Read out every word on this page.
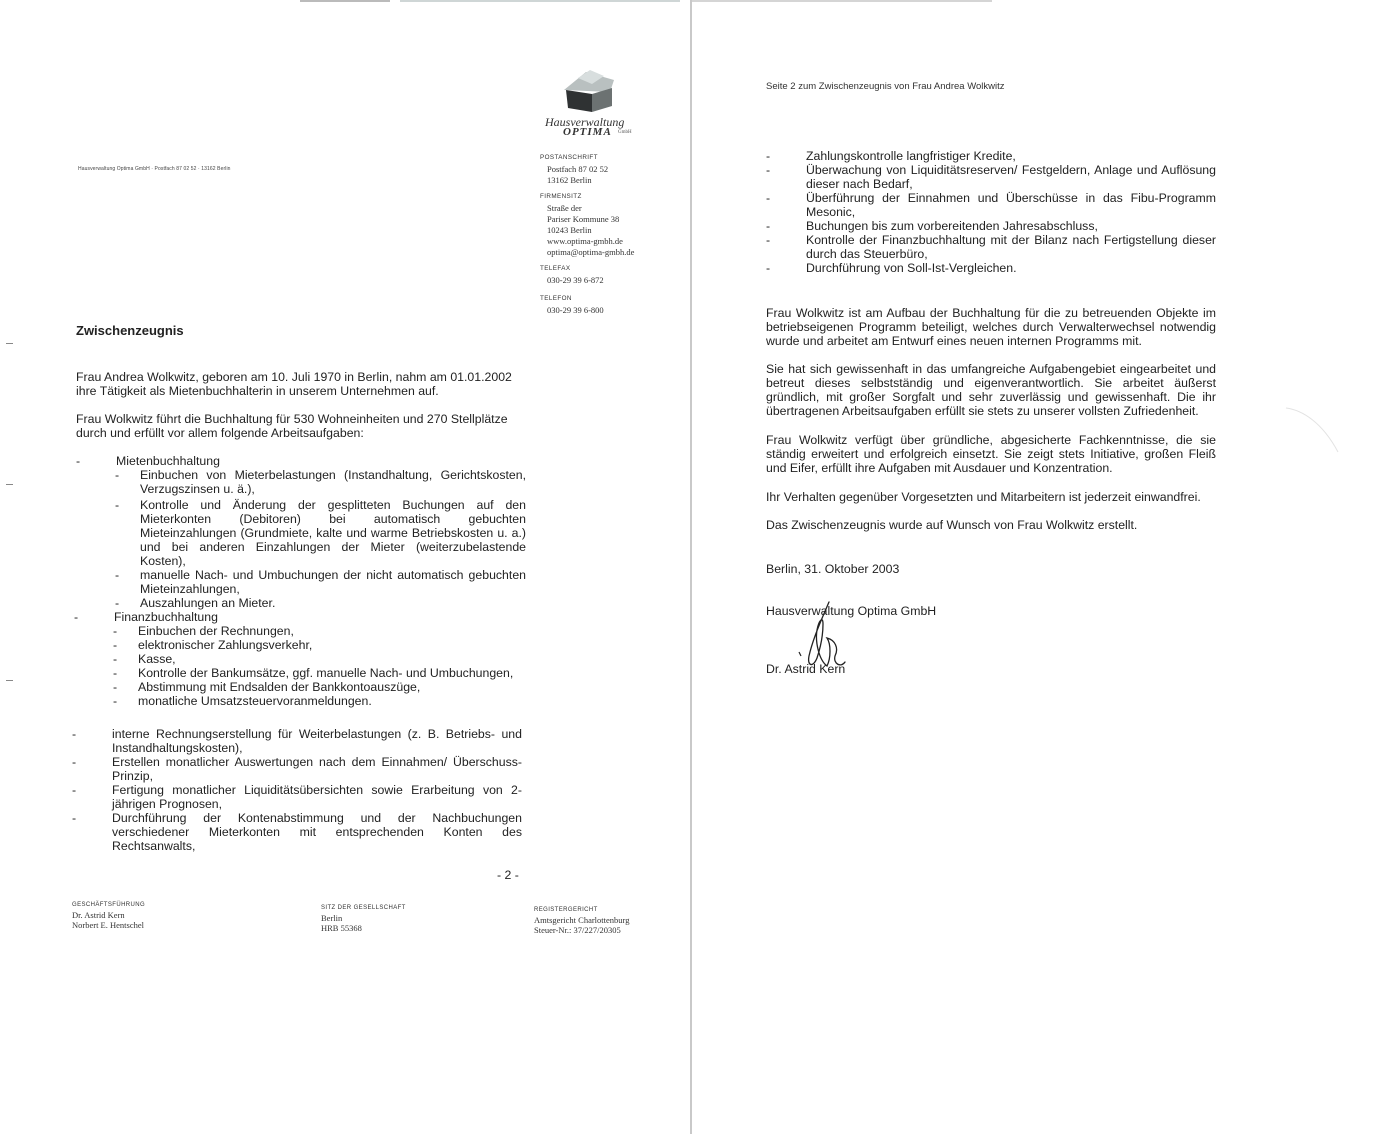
Hausverwaltung
OPTIMA GmbH
Hausverwaltung Optima GmbH · Postfach 87 02 52 · 13162 Berlin
POSTANSCHRIFT
Postfach 87 02 52
13162 Berlin
FIRMENSITZ
Straße der
Pariser Kommune 38
10243 Berlin
www.optima-gmbh.de
optima@optima-gmbh.de
TELEFAX
030-29 39 6-872
TELEFON
030-29 39 6-800
Zwischenzeugnis
Frau Andrea Wolkwitz, geboren am 10. Juli 1970 in Berlin, nahm am 01.01.2002 ihre Tätigkeit als Mietenbuchhalterin in unserem Unternehmen auf.
Frau Wolkwitz führt die Buchhaltung für 530 Wohneinheiten und 270 Stellplätze durch und erfüllt vor allem folgende Arbeitsaufgaben:
-	Mietenbuchhaltung
- Einbuchen von Mieterbelastungen (Instandhaltung, Gerichtskosten, Verzugszinsen u. ä.),
- Kontrolle und Änderung der gesplitteten Buchungen auf den Mieterkonten (Debitoren) bei automatisch gebuchten Mieteinzahlungen (Grundmiete, kalte und warme Betriebskosten u. a.) und bei anderen Einzahlungen der Mieter (weiterzubelastende Kosten),
- manuelle Nach- und Umbuchungen der nicht automatisch gebuchten Mieteinzahlungen,
- Auszahlungen an Mieter.
-	Finanzbuchhaltung
- Einbuchen der Rechnungen,
- elektronischer Zahlungsverkehr,
- Kasse,
- Kontrolle der Bankumsätze, ggf. manuelle Nach- und Umbuchungen,
- Abstimmung mit Endsalden der Bankkontoauszüge,
- monatliche Umsatzsteuervoranmeldungen.
-	interne Rechnungserstellung für Weiterbelastungen (z. B. Betriebs- und Instandhaltungskosten),
-	Erstellen monatlicher Auswertungen nach dem Einnahmen/ Überschuss-Prinzip,
-	Fertigung monatlicher Liquiditätsübersichten sowie Erarbeitung von 2-jährigen Prognosen,
-	Durchführung der Kontenabstimmung und der Nachbuchungen verschiedener Mieterkonten mit entsprechenden Konten des Rechtsanwalts,
- 2 -
GESCHÄFTSFÜHRUNG
Dr. Astrid Kern
Norbert E. Hentschel
SITZ DER GESELLSCHAFT
Berlin
HRB 55368
REGISTERGERICHT
Amtsgericht Charlottenburg
Steuer-Nr.: 37/227/20305
Seite 2 zum Zwischenzeugnis von Frau Andrea Wolkwitz
-	Zahlungskontrolle langfristiger Kredite,
-	Überwachung von Liquiditätsreserven/ Festgeldern, Anlage und Auflösung dieser nach Bedarf,
-	Überführung der Einnahmen und Überschüsse in das Fibu-Programm Mesonic,
-	Buchungen bis zum vorbereitenden Jahresabschluss,
-	Kontrolle der Finanzbuchhaltung mit der Bilanz nach Fertigstellung dieser durch das Steuerbüro,
-	Durchführung von Soll-Ist-Vergleichen.
Frau Wolkwitz ist am Aufbau der Buchhaltung für die zu betreuenden Objekte im betriebseigenen Programm beteiligt, welches durch Verwalterwechsel notwendig wurde und arbeitet am Entwurf eines neuen internen Programms mit.
Sie hat sich gewissenhaft in das umfangreiche Aufgabengebiet eingearbeitet und betreut dieses selbstständig und eigenverantwortlich. Sie arbeitet äußerst gründlich, mit großer Sorgfalt und sehr zuverlässig und gewissenhaft. Die ihr übertragenen Arbeitsaufgaben erfüllt sie stets zu unserer vollsten Zufriedenheit.
Frau Wolkwitz verfügt über gründliche, abgesicherte Fachkenntnisse, die sie ständig erweitert und erfolgreich einsetzt. Sie zeigt stets Initiative, großen Fleiß und Eifer, erfüllt ihre Aufgaben mit Ausdauer und Konzentration.
Ihr Verhalten gegenüber Vorgesetzten und Mitarbeitern ist jederzeit einwandfrei.
Das Zwischenzeugnis wurde auf Wunsch von Frau Wolkwitz erstellt.
Berlin, 31. Oktober 2003
Hausverwaltung Optima GmbH
Dr. Astrid Kern
